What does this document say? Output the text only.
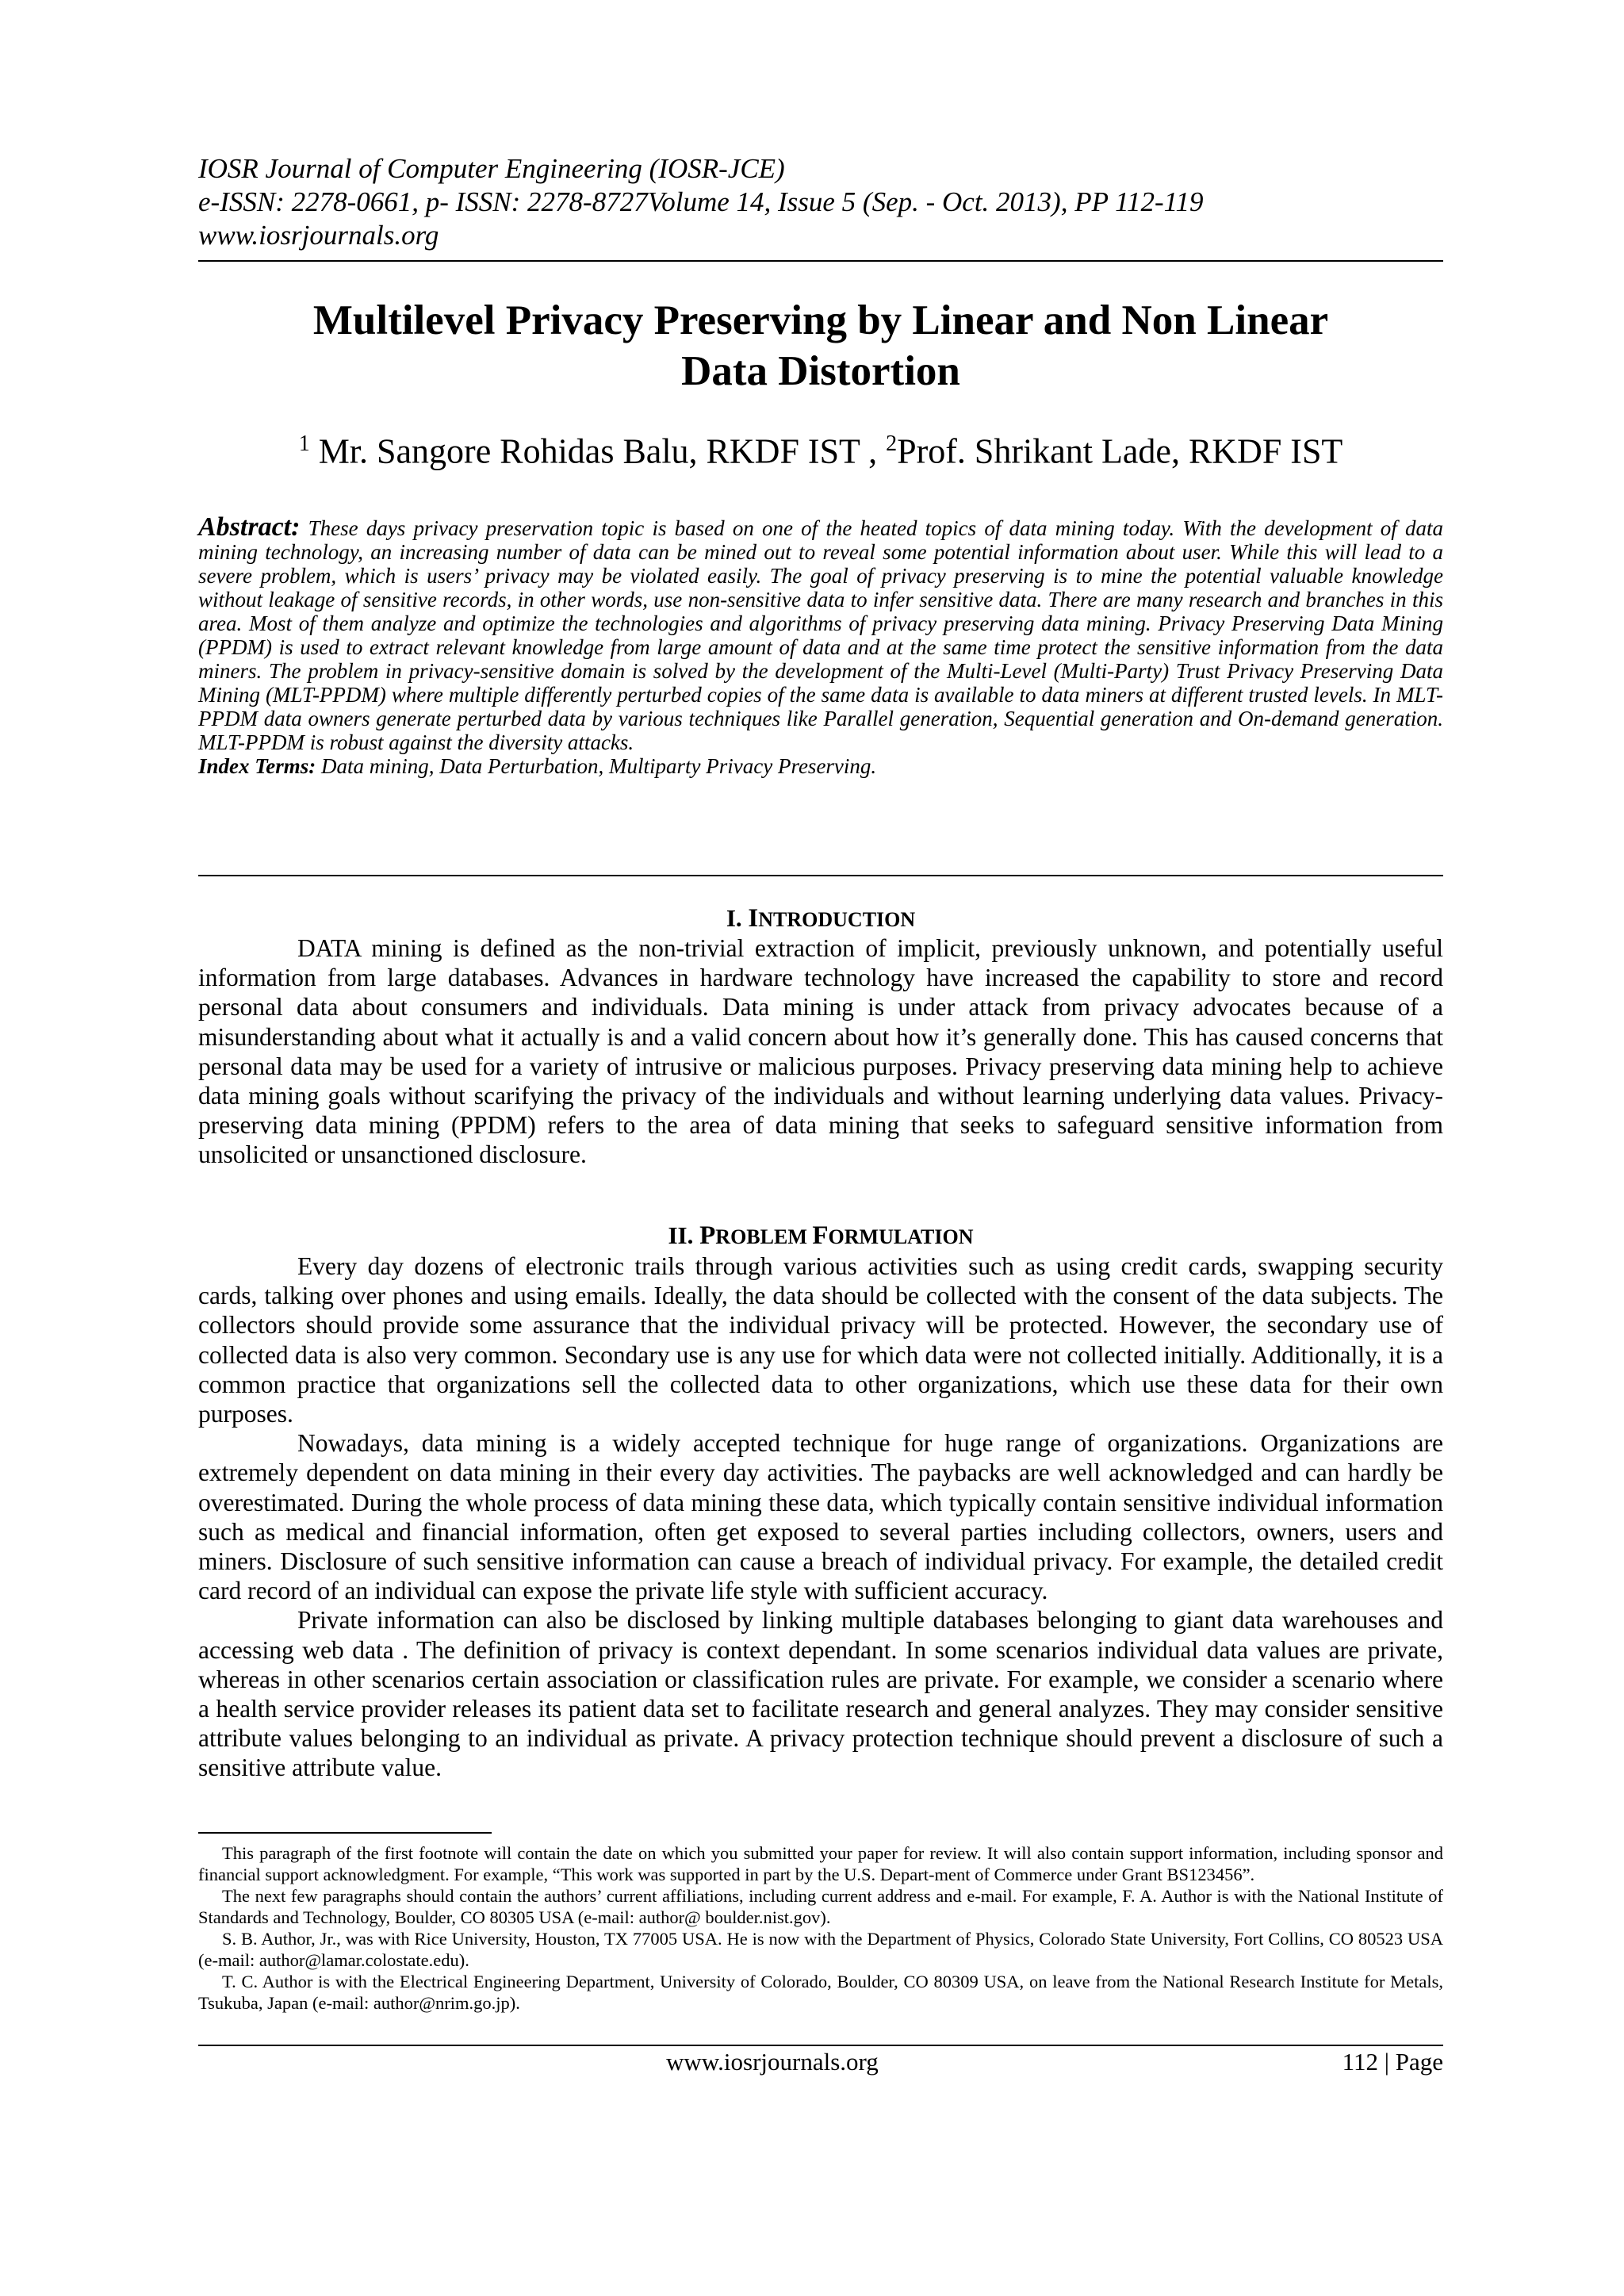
IOSR Journal of Computer Engineering (IOSR-JCE)
e-ISSN: 2278-0661, p- ISSN: 2278-8727Volume 14, Issue 5 (Sep. - Oct. 2013), PP 112-119
www.iosrjournals.org
Multilevel Privacy Preserving by Linear and Non Linear
Data Distortion
$^1$ Mr. Sangore Rohidas Balu, RKDF IST , $^2$Prof. Shrikant Lade, RKDF IST
Abstract: These days privacy preservation topic is based on one of the heated topics of data mining today. With the development of data mining technology, an increasing number of data can be mined out to reveal some potential information about user. While this will lead to a severe problem, which is users’ privacy may be violated easily. The goal of privacy preserving is to mine the potential valuable knowledge without leakage of sensitive records, in other words, use non-sensitive data to infer sensitive data. There are many research and branches in this area. Most of them analyze and optimize the technologies and algorithms of privacy preserving data mining. Privacy Preserving Data Mining (PPDM) is used to extract relevant knowledge from large amount of data and at the same time protect the sensitive information from the data miners. The problem in privacy-sensitive domain is solved by the development of the Multi-Level (Multi-Party) Trust Privacy Preserving Data Mining (MLT-PPDM) where multiple differently perturbed copies of the same data is available to data miners at different trusted levels. In MLT-PPDM data owners generate perturbed data by various techniques like Parallel generation, Sequential generation and On-demand generation. MLT-PPDM is robust against the diversity attacks.
Index Terms: Data mining, Data Perturbation, Multiparty Privacy Preserving.
I. INTRODUCTION

DATA mining is defined as the non-trivial extraction of implicit, previously unknown, and potentially useful information from large databases. Advances in hardware technology have increased the capability to store and record personal data about consumers and individuals. Data mining is under attack from privacy advocates because of a misunderstanding about what it actually is and a valid concern about how it’s generally done. This has caused concerns that personal data may be used for a variety of intrusive or malicious purposes. Privacy preserving data mining help to achieve data mining goals without scarifying the privacy of the individuals and without learning underlying data values. Privacy-preserving data mining (PPDM) refers to the area of data mining that seeks to safeguard sensitive information from unsolicited or unsanctioned disclosure.

II. PROBLEM FORMULATION

Every day dozens of electronic trails through various activities such as using credit cards, swapping security cards, talking over phones and using emails. Ideally, the data should be collected with the consent of the data subjects. The collectors should provide some assurance that the individual privacy will be protected. However, the secondary use of collected data is also very common. Secondary use is any use for which data were not collected initially. Additionally, it is a common practice that organizations sell the collected data to other organizations, which use these data for their own purposes.

Nowadays, data mining is a widely accepted technique for huge range of organizations. Organizations are extremely dependent on data mining in their every day activities. The paybacks are well acknowledged and can hardly be overestimated. During the whole process of data mining these data, which typically contain sensitive individual information such as medical and financial information, often get exposed to several parties including collectors, owners, users and miners. Disclosure of such sensitive information can cause a breach of individual privacy. For example, the detailed credit card record of an individual can expose the private life style with sufficient accuracy.

Private information can also be disclosed by linking multiple databases belonging to giant data warehouses and accessing web data . The definition of privacy is context dependant. In some scenarios individual data values are private, whereas in other scenarios certain association or classification rules are private. For example, we consider a scenario where a health service provider releases its patient data set to facilitate research and general analyzes. They may consider sensitive attribute values belonging to an individual as private. A privacy protection technique should prevent a disclosure of such a sensitive attribute value.

This paragraph of the first footnote will contain the date on which you submitted your paper for review. It will also contain support information, including sponsor and financial support acknowledgment. For example, “This work was supported in part by the U.S. Depart-ment of Commerce under Grant BS123456”.

The next few paragraphs should contain the authors’ current affiliations, including current address and e-mail. For example, F. A. Author is with the National Institute of Standards and Technology, Boulder, CO 80305 USA (e-mail: author@ boulder.nist.gov).

S. B. Author, Jr., was with Rice University, Houston, TX 77005 USA. He is now with the Department of Physics, Colorado State University, Fort Collins, CO 80523 USA (e-mail: author@lamar.colostate.edu).

T. C. Author is with the Electrical Engineering Department, University of Colorado, Boulder, CO 80309 USA, on leave from the National Research Institute for Metals, Tsukuba, Japan (e-mail: author@nrim.go.jp).

www.iosrjournals.org	112 | Page
